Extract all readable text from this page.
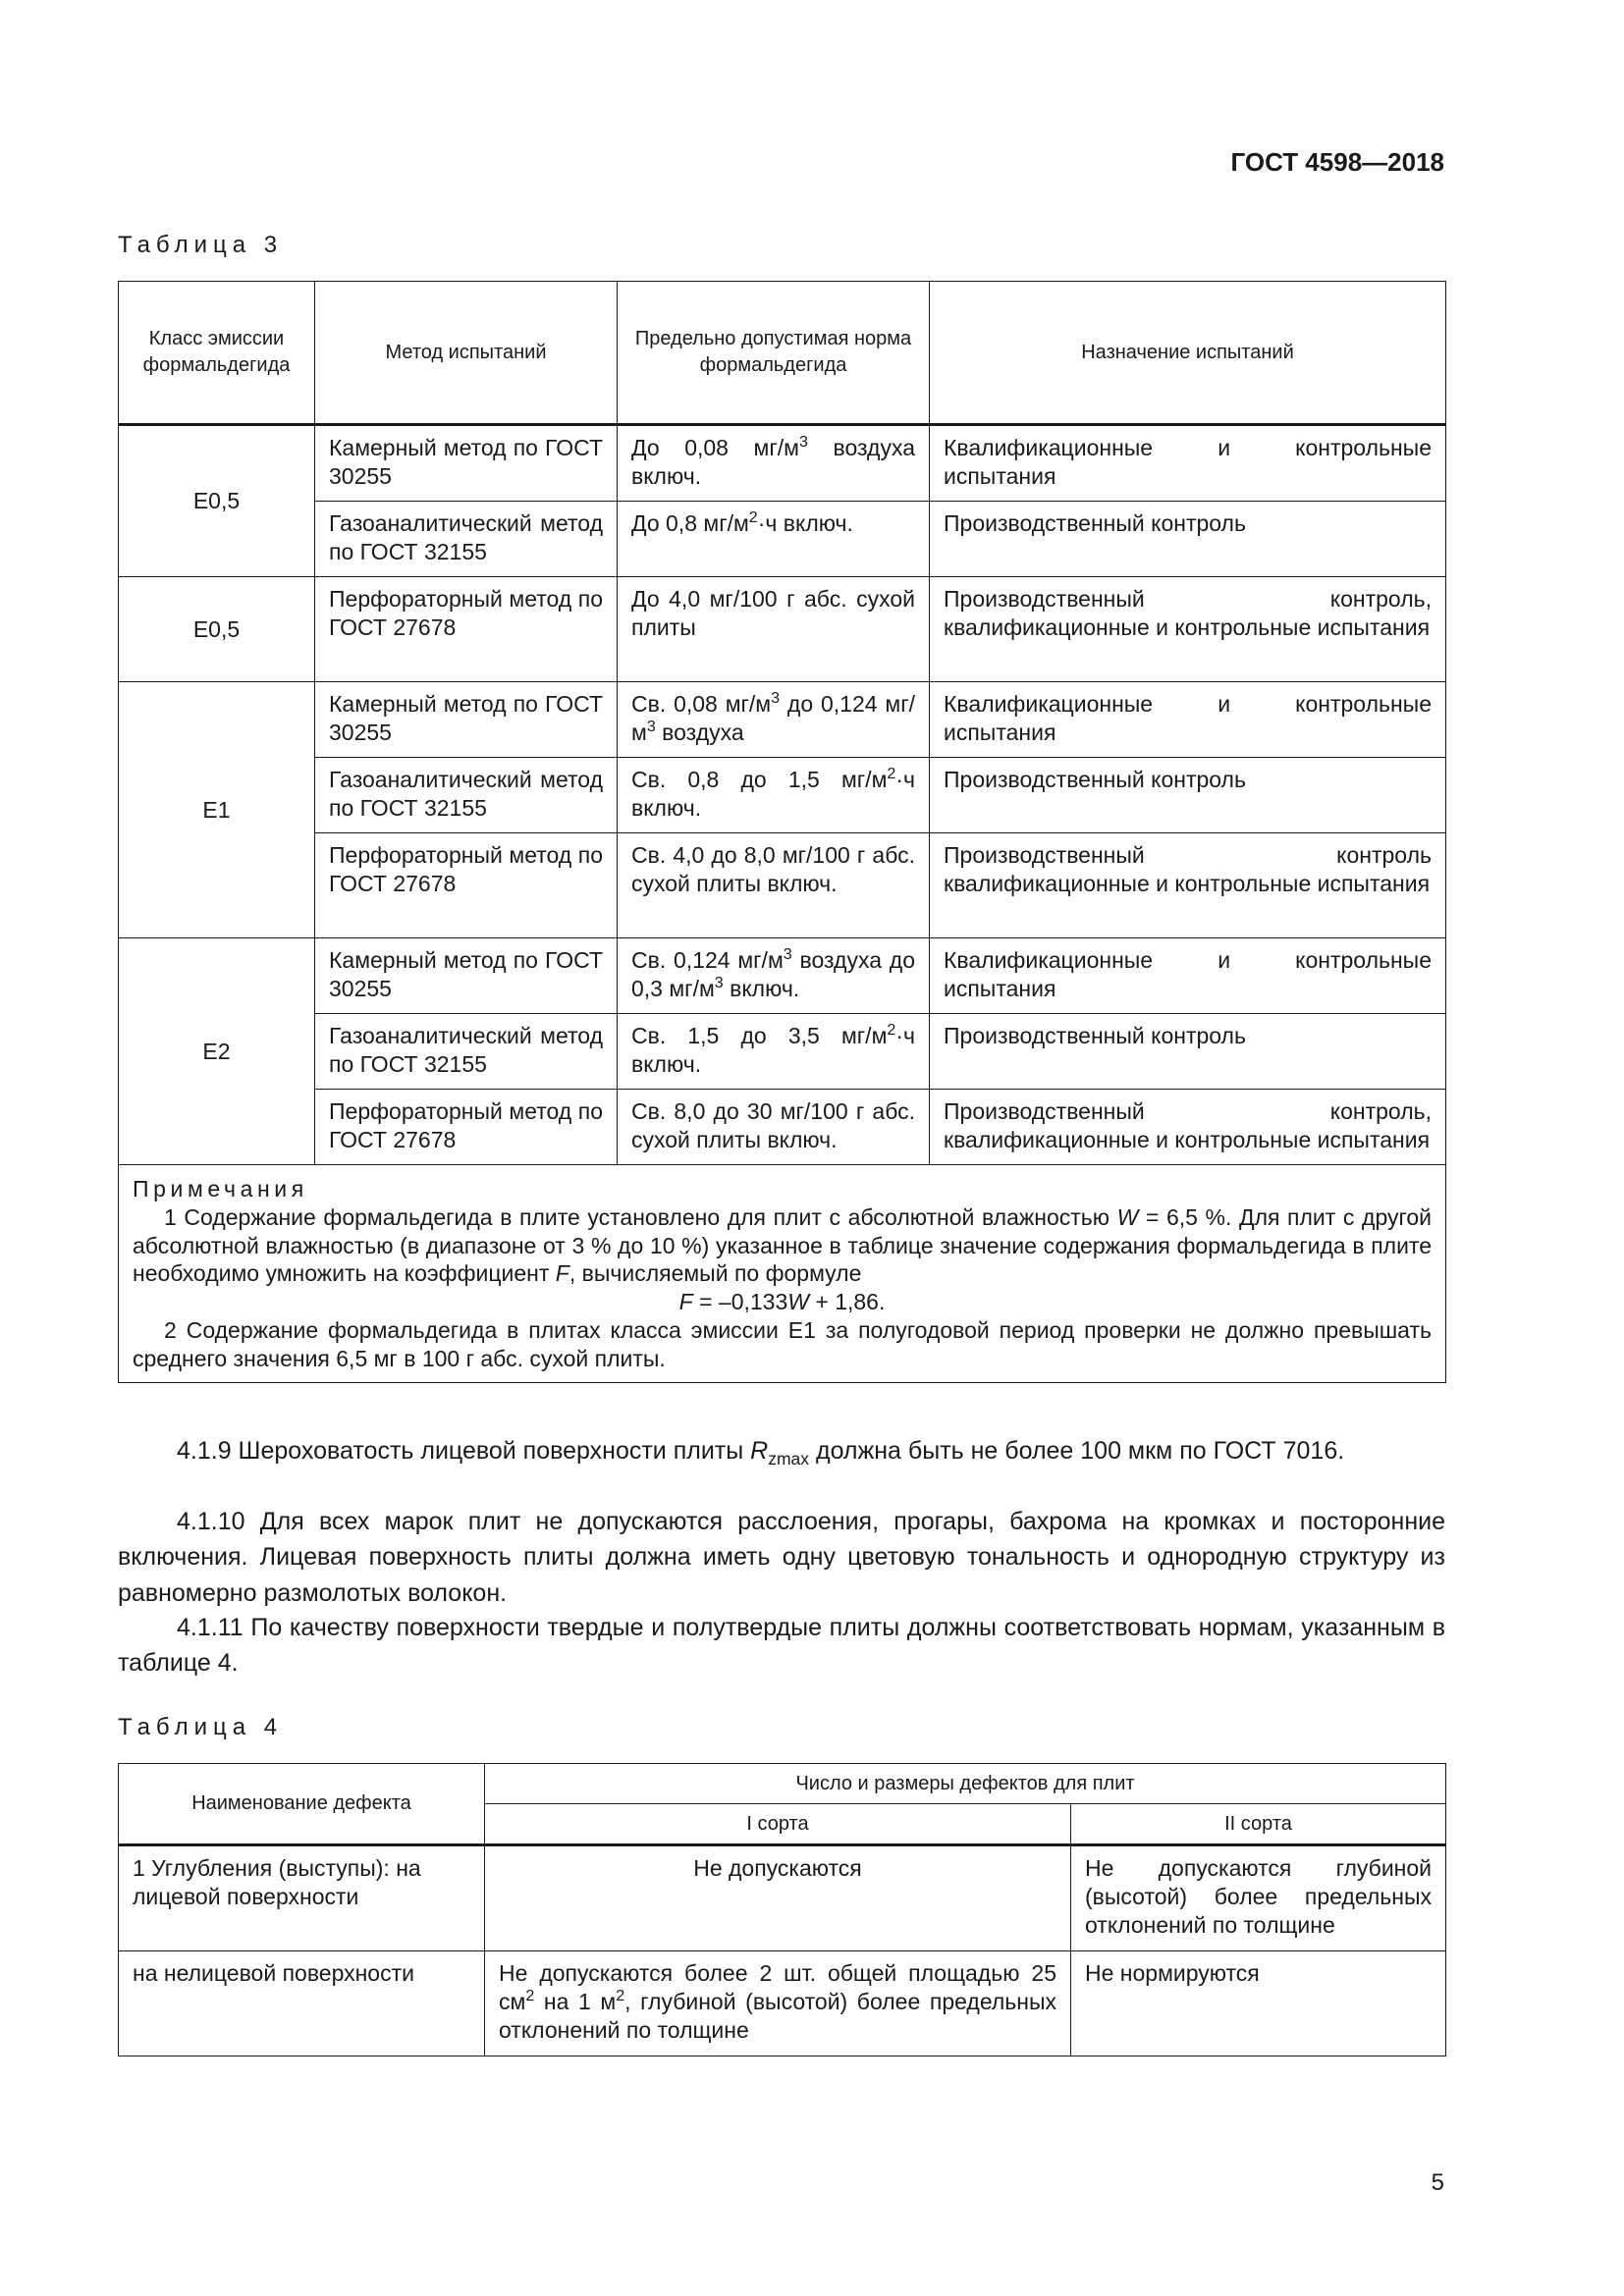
ГОСТ 4598—2018
Таблица 3
Класс эмиссии формальдегида	Метод испытаний	Предельно допустимая норма формальдегида	Назначение испытаний
E0,5	Камерный метод по ГОСТ 30255	До 0,08 $мг/м^3$ воздуха включ.	Квалификационные и контрольные испытания
	Газоаналитический метод по ГОСТ 32155	До 0,8 $мг/м^2\cdot ч$ включ.	Производственный контроль
E0,5	Перфораторный метод по ГОСТ 27678	До 4,0 мг/100 г абс. сухой плиты	Производственный контроль, квалификационные и контрольные испытания
E1	Камерный метод по ГОСТ 30255	Св. 0,08 $мг/м^3$ до 0,124 $мг/м^3$ воздуха	Квалификационные и контрольные испытания
	Газоаналитический метод по ГОСТ 32155	Св. 0,8 до 1,5 $мг/м^2\cdot ч$ включ.	Производственный контроль
	Перфораторный метод по ГОСТ 27678	Св. 4,0 до 8,0 мг/100 г абс. сухой плиты включ.	Производственный контроль квалификационные и контрольные испытания
E2	Камерный метод по ГОСТ 30255	Св. 0,124 $мг/м^3$ воздуха до 0,3 $мг/м^3$ включ.	Квалификационные и контрольные испытания
	Газоаналитический метод по ГОСТ 32155	Св. 1,5 до 3,5 $мг/м^2\cdot ч$ включ.	Производственный контроль
	Перфораторный метод по ГОСТ 27678	Св. 8,0 до 30 мг/100 г абс. сухой плиты включ.	Производственный контроль, квалификационные и контрольные испытания

Примечания
1 Содержание формальдегида в плите установлено для плит с абсолютной влажностью W = 6,5 %. Для плит с другой абсолютной влажностью (в диапазоне от 3 % до 10 %) указанное в таблице значение содержания формальдегида в плите необходимо умножить на коэффициент F, вычисляемый по формуле
F = –0,133W + 1,86.
2 Содержание формальдегида в плитах класса эмиссии E1 за полугодовой период проверки не должно превышать среднего значения 6,5 мг в 100 г абс. сухой плиты.			
4.1.9 Шероховатость лицевой поверхности плиты $R_{zmax}$ должна быть не более 100 мкм по ГОСТ 7016.
4.1.10 Для всех марок плит не допускаются расслоения, прогары, бахрома на кромках и посторонние включения. Лицевая поверхность плиты должна иметь одну цветовую тональность и однородную структуру из равномерно размолотых волокон.
4.1.11 По качеству поверхности твердые и полутвердые плиты должны соответствовать нормам, указанным в таблице 4.
Таблица 4
Наименование дефекта	Число и размеры дефектов для плит	
	I сорта	II сорта
1 Углубления (выступы): на лицевой поверхности	Не допускаются	Не допускаются глубиной (высотой) более предельных отклонений по толщине
на нелицевой поверхности	Не допускаются более 2 шт. общей площадью 25 $см^2$ на 1 $м^2$, глубиной (высотой) более предельных отклонений по толщине	Не нормируются
5
